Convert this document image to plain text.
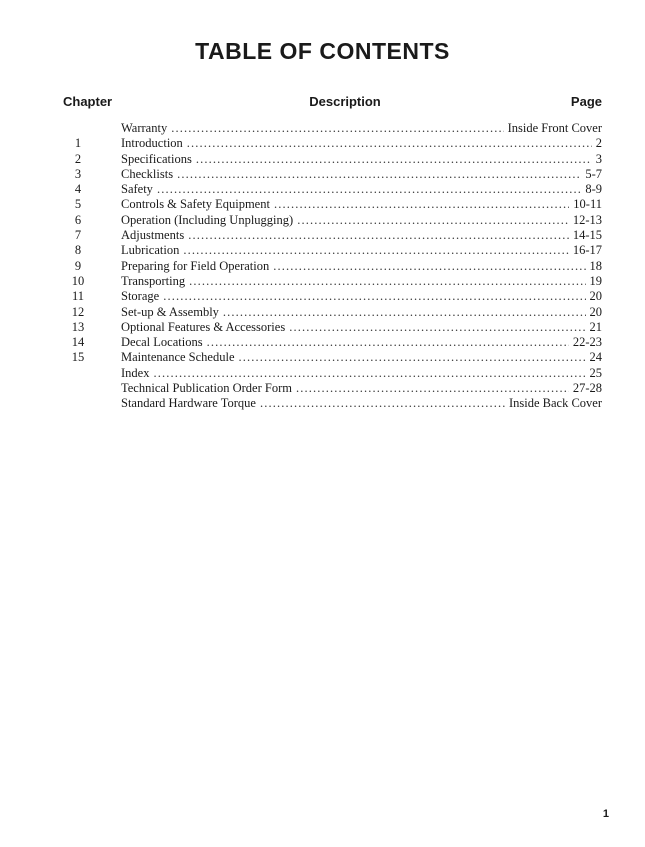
TABLE OF CONTENTS
Chapter	Description	Page
Warranty . . .	Inside Front Cover
1	Introduction . . .	2
2	Specifications . . .	3
3	Checklists . . .	5-7
4	Safety . . .	8-9
5	Controls & Safety Equipment . . .	10-11
6	Operation (Including Unplugging) . . .	12-13
7	Adjustments . . .	14-15
8	Lubrication . . .	16-17
9	Preparing for Field Operation . . .	18
10	Transporting . . .	19
11	Storage . . .	20
12	Set-up & Assembly . . .	20
13	Optional Features & Accessories . . .	21
14	Decal Locations . . .	22-23
15	Maintenance Schedule . . .	24
Index . . .	25
Technical Publication Order Form . . .	27-28
Standard Hardware Torque . . .	Inside Back Cover
1
